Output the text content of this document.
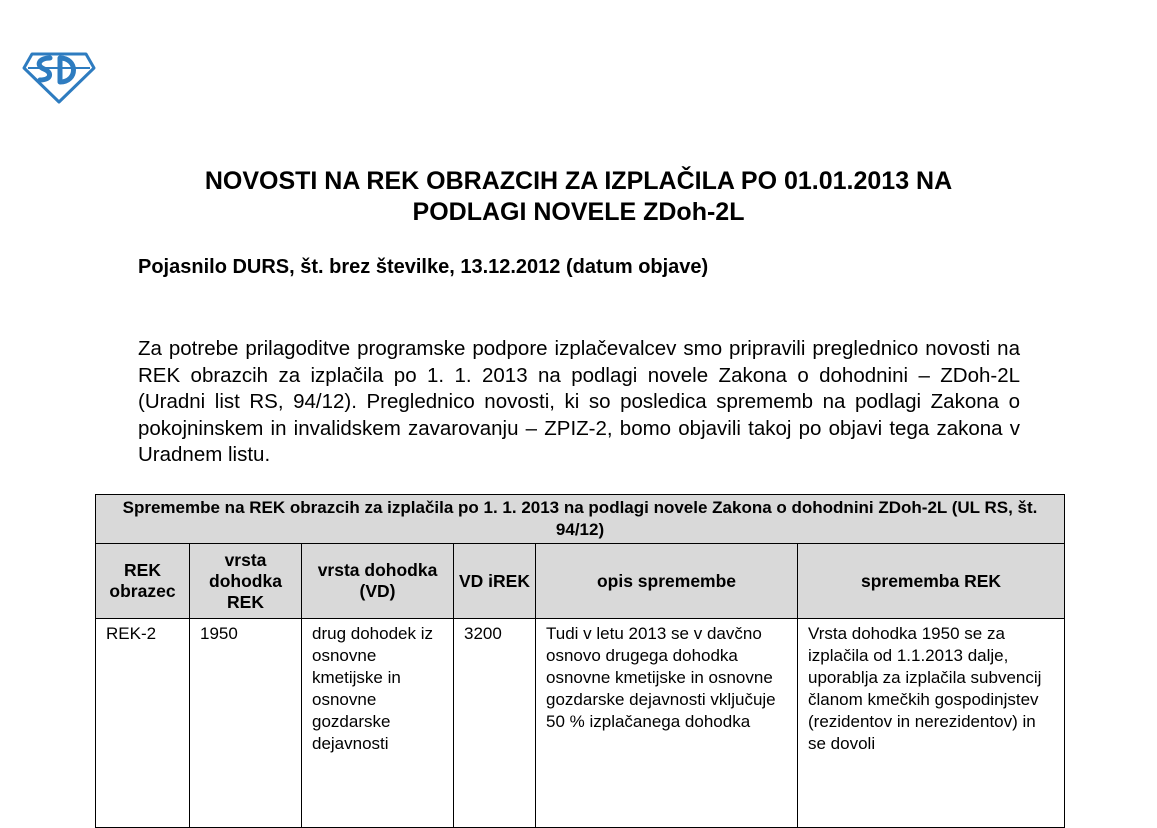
NOVOSTI NA REK OBRAZCIH ZA IZPLAČILA PO 01.01.2013 NA
PODLAGI NOVELE ZDoh-2L
Pojasnilo DURS, št. brez številke, 13.12.2012 (datum objave)
Za potrebe prilagoditve programske podpore izplačevalcev smo pripravili preglednico novosti na REK obrazcih za izplačila po 1. 1. 2013 na podlagi novele Zakona o dohodnini – ZDoh-2L (Uradni list RS, 94/12). Preglednico novosti, ki so posledica sprememb na podlagi Zakona o pokojninskem in invalidskem zavarovanju – ZPIZ-2, bomo objavili takoj po objavi tega zakona v Uradnem listu.
Spremembe na REK obrazcih za izplačila po 1. 1. 2013 na podlagi novele Zakona o dohodnini ZDoh-2L (UL RS, št. 94/12)					
REK obrazec	vrsta dohodka REK	vrsta dohodka (VD)	VD iREK	opis spremembe	sprememba REK
REK-2	1950	drug dohodek iz osnovne kmetijske in osnovne gozdarske dejavnosti	3200	Tudi v letu 2013 se v davčno osnovo drugega dohodka osnovne kmetijske in osnovne gozdarske dejavnosti vključuje 50 % izplačanega dohodka	Vrsta dohodka 1950 se za izplačila od 1.1.2013 dalje, uporablja za izplačila subvencij članom kmečkih gospodinjstev (rezidentov in nerezidentov) in se dovoli
